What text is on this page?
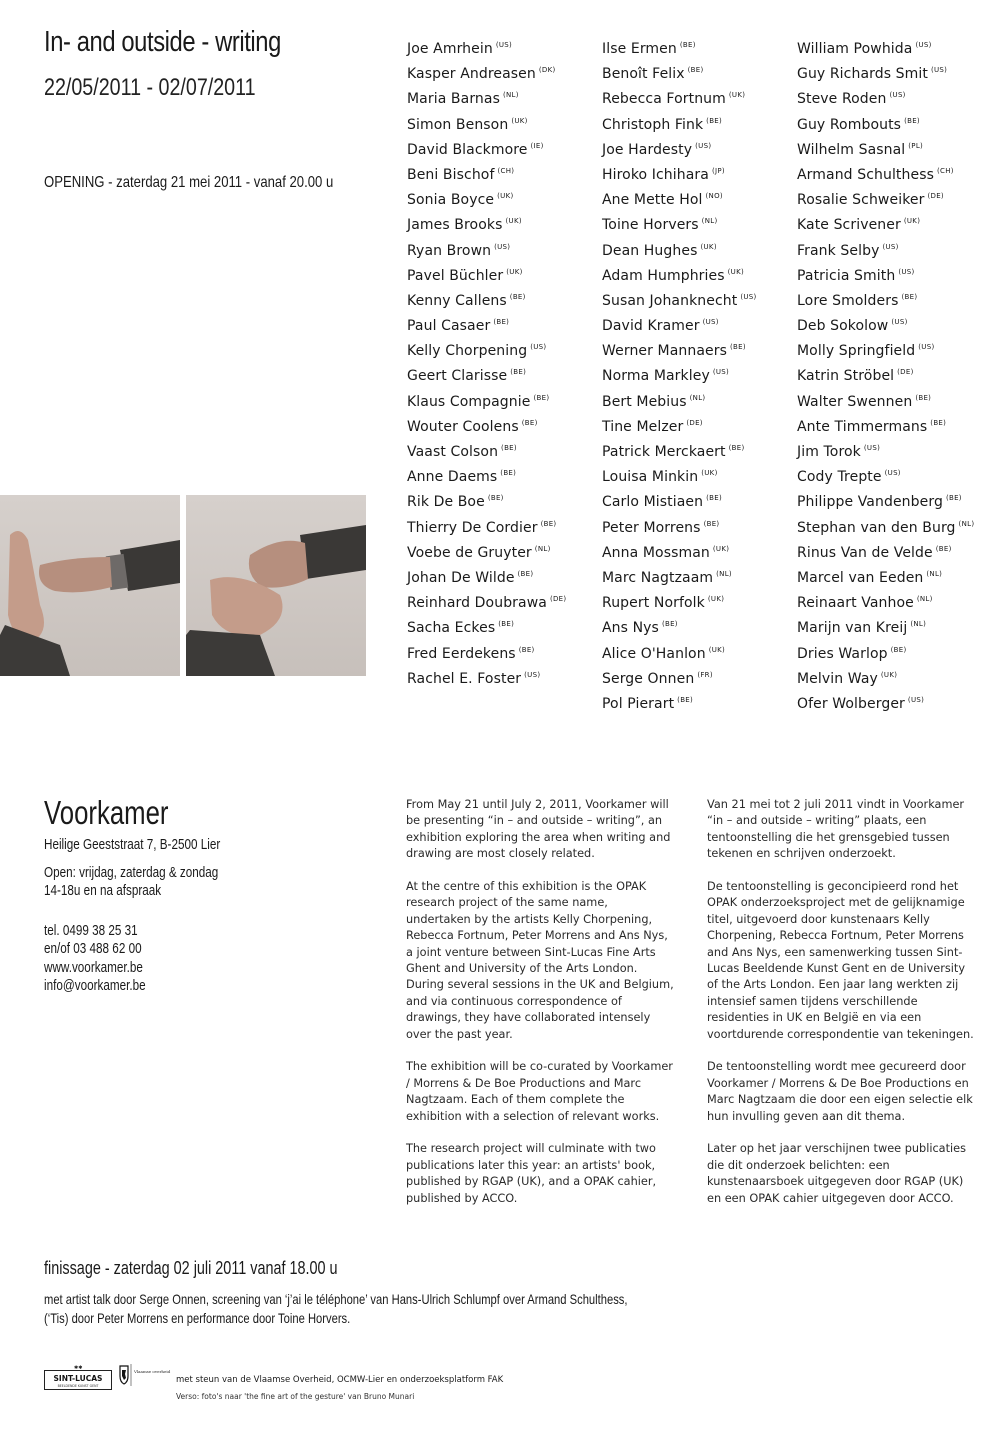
In- and outside - writing
22/05/2011 - 02/07/2011
OPENING - zaterdag 21 mei 2011 - vanaf 20.00 u
Joe Amrhein $^{(US)}$
Kasper Andreasen $^{(DK)}$
Maria Barnas $^{(NL)}$
Simon Benson $^{(UK)}$
David Blackmore $^{(IE)}$
Beni Bischof $^{(CH)}$
Sonia Boyce $^{(UK)}$
James Brooks $^{(UK)}$
Ryan Brown $^{(US)}$
Pavel Büchler $^{(UK)}$
Kenny Callens $^{(BE)}$
Paul Casaer $^{(BE)}$
Kelly Chorpening $^{(US)}$
Geert Clarisse $^{(BE)}$
Klaus Compagnie $^{(BE)}$
Wouter Coolens $^{(BE)}$
Vaast Colson $^{(BE)}$
Anne Daems $^{(BE)}$
Rik De Boe $^{(BE)}$
Thierry De Cordier $^{(BE)}$
Voebe de Gruyter $^{(NL)}$
Johan De Wilde $^{(BE)}$
Reinhard Doubrawa $^{(DE)}$
Sacha Eckes $^{(BE)}$
Fred Eerdekens $^{(BE)}$
Rachel E. Foster $^{(US)}$
Ilse Ermen $^{(BE)}$
Benoît Felix $^{(BE)}$
Rebecca Fortnum $^{(UK)}$
Christoph Fink $^{(BE)}$
Joe Hardesty $^{(US)}$
Hiroko Ichihara $^{(JP)}$
Ane Mette Hol $^{(NO)}$
Toine Horvers $^{(NL)}$
Dean Hughes $^{(UK)}$
Adam Humphries $^{(UK)}$
Susan Johanknecht $^{(US)}$
David Kramer $^{(US)}$
Werner Mannaers $^{(BE)}$
Norma Markley $^{(US)}$
Bert Mebius $^{(NL)}$
Tine Melzer $^{(DE)}$
Patrick Merckaert $^{(BE)}$
Louisa Minkin $^{(UK)}$
Carlo Mistiaen $^{(BE)}$
Peter Morrens $^{(BE)}$
Anna Mossman $^{(UK)}$
Marc Nagtzaam $^{(NL)}$
Rupert Norfolk $^{(UK)}$
Ans Nys $^{(BE)}$
Alice O'Hanlon $^{(UK)}$
Serge Onnen $^{(FR)}$
Pol Pierart $^{(BE)}$
William Powhida $^{(US)}$
Guy Richards Smit $^{(US)}$
Steve Roden $^{(US)}$
Guy Rombouts $^{(BE)}$
Wilhelm Sasnal $^{(PL)}$
Armand Schulthess $^{(CH)}$
Rosalie Schweiker $^{(DE)}$
Kate Scrivener $^{(UK)}$
Frank Selby $^{(US)}$
Patricia Smith $^{(US)}$
Lore Smolders $^{(BE)}$
Deb Sokolow $^{(US)}$
Molly Springfield $^{(US)}$
Katrin Ströbel $^{(DE)}$
Walter Swennen $^{(BE)}$
Ante Timmermans $^{(BE)}$
Jim Torok $^{(US)}$
Cody Trepte $^{(US)}$
Philippe Vandenberg $^{(BE)}$
Stephan van den Burg $^{(NL)}$
Rinus Van de Velde $^{(BE)}$
Marcel van Eeden $^{(NL)}$
Reinaart Vanhoe $^{(NL)}$
Marijn van Kreij $^{(NL)}$
Dries Warlop $^{(BE)}$
Melvin Way $^{(UK)}$
Ofer Wolberger $^{(US)}$
Voorkamer
Heilige Geeststraat 7, B-2500 Lier
Open: vrijdag, zaterdag & zondag
14-18u en na afspraak
tel. 0499 38 25 31
en/of 03 488 62 00
www.voorkamer.be
info@voorkamer.be

From May 21 until July 2, 2011, Voorkamer will be presenting “in – and outside – writing”, an exhibition exploring the area when writing and drawing are most closely related.

At the centre of this exhibition is the OPAK research project of the same name, undertaken by the artists Kelly Chorpening, Rebecca Fortnum, Peter Morrens and Ans Nys, a joint venture between Sint-Lucas Fine Arts Ghent and University of the Arts London. During several sessions in the UK and Belgium, and via continuous correspondence of drawings, they have collaborated intensely over the past year.

The exhibition will be co-curated by Voorkamer / Morrens & De Boe Productions and Marc Nagtzaam. Each of them complete the exhibition with a selection of relevant works.

The research project will culminate with two publications later this year: an artists' book, published by RGAP (UK), and a OPAK cahier, published by ACCO.

Van 21 mei tot 2 juli 2011 vindt in Voorkamer “in – and outside – writing” plaats, een tentoonstelling die het grensgebied tussen tekenen en schrijven onderzoekt.

De tentoonstelling is geconcipieerd rond het OPAK onderzoeksproject met de gelijknamige titel, uitgevoerd door kunstenaars Kelly Chorpening, Rebecca Fortnum, Peter Morrens and Ans Nys, een samenwerking tussen Sint-Lucas Beeldende Kunst Gent en de University of the Arts London. Een jaar lang werkten zij intensief samen tijdens verschillende residenties in UK en België en via een voortdurende correspondentie van tekeningen.

De tentoonstelling wordt mee gecureerd door Voorkamer / Morrens & De Boe Productions en Marc Nagtzaam die door een eigen selectie elk hun invulling geven aan dit thema.

Later op het jaar verschijnen twee publicaties die dit onderzoek belichten: een kunstenaarsboek uitgegeven door RGAP (UK) en een OPAK cahier uitgegeven door ACCO.

finissage - zaterdag 02 juli 2011 vanaf 18.00 u
met artist talk door Serge Onnen, screening van ‘j’ai le téléphone’ van Hans-Ulrich Schlumpf over Armand Schulthess, (‘Tis) door Peter Morrens en performance door Toine Horvers.
✱✱
SINT-LUCAS
BEELDENDE KUNST GENT
Vlaamse overheid
met steun van de Vlaamse Overheid, OCMW-Lier en onderzoeksplatform FAK
Verso: foto's naar 'the fine art of the gesture' van Bruno Munari
